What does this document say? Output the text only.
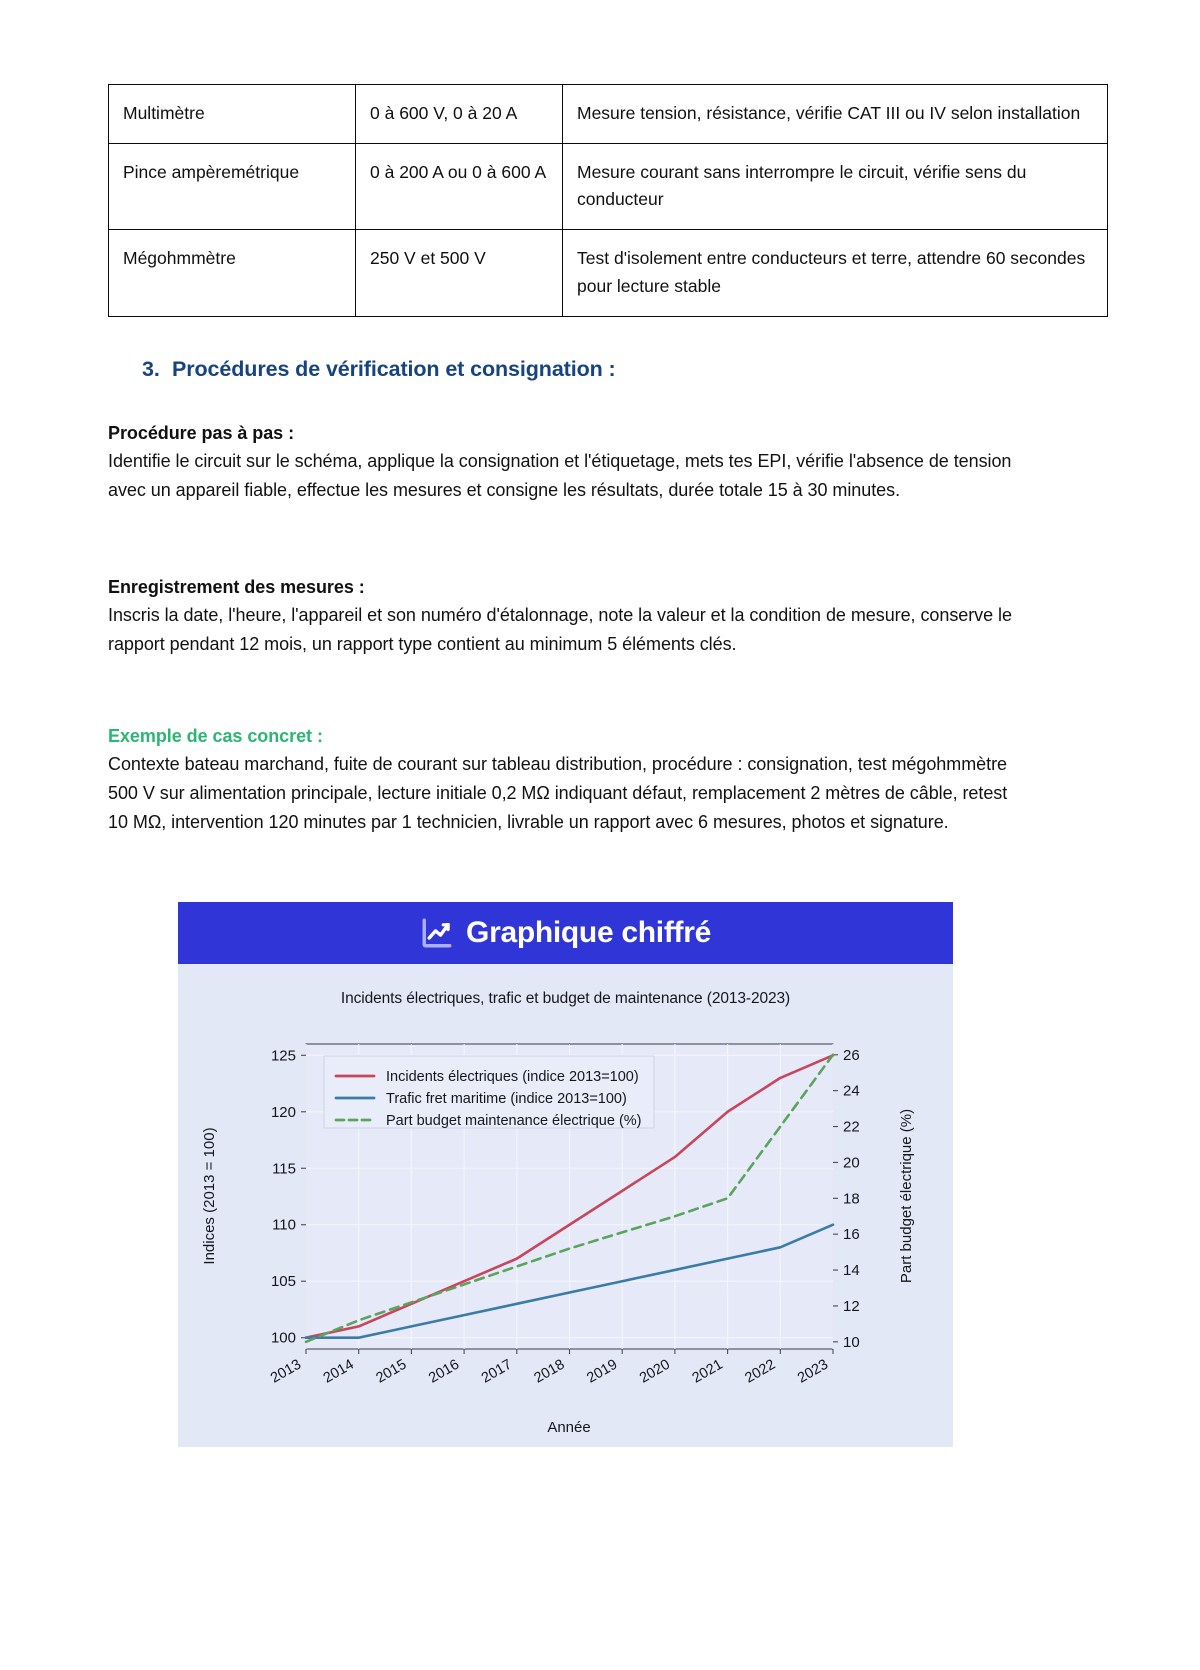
Multimètre	0 à 600 V, 0 à 20 A	Mesure tension, résistance, vérifie CAT III ou IV selon installation
Pince ampèremétrique	0 à 200 A ou 0 à 600 A	Mesure courant sans interrompre le circuit, vérifie sens du conducteur
Mégohmmètre	250 V et 500 V	Test d'isolement entre conducteurs et terre, attendre 60 secondes pour lecture stable
3. Procédures de vérification et consignation :
Procédure pas à pas :

Identifie le circuit sur le schéma, applique la consignation et l'étiquetage, mets tes EPI, vérifie l'absence de tension avec un appareil fiable, effectue les mesures et consigne les résultats, durée totale 15 à 30 minutes.

Enregistrement des mesures :

Inscris la date, l'heure, l'appareil et son numéro d'étalonnage, note la valeur et la condition de mesure, conserve le rapport pendant 12 mois, un rapport type contient au minimum 5 éléments clés.

Exemple de cas concret :

Contexte bateau marchand, fuite de courant sur tableau distribution, procédure : consignation, test mégohmmètre 500 V sur alimentation principale, lecture initiale 0,2 MΩ indiquant défaut, remplacement 2 mètres de câble, retest 10 MΩ, intervention 120 minutes par 1 technicien, livrable un rapport avec 6 mesures, photos et signature.

Graphique chiffré
Incidents électriques, trafic et budget de maintenance (2013-2023)
100
105
110
115
120
125
10
12
14
16
18
20
22
24
26
2013 2014 2015 2016 2017 2018 2019 2020 2021 2022 2023
Indices (2013 = 100)	Part budget électrique (%)
Année
Incidents électriques (indice 2013=100)
Trafic fret maritime (indice 2013=100)
Part budget maintenance électrique (%)
